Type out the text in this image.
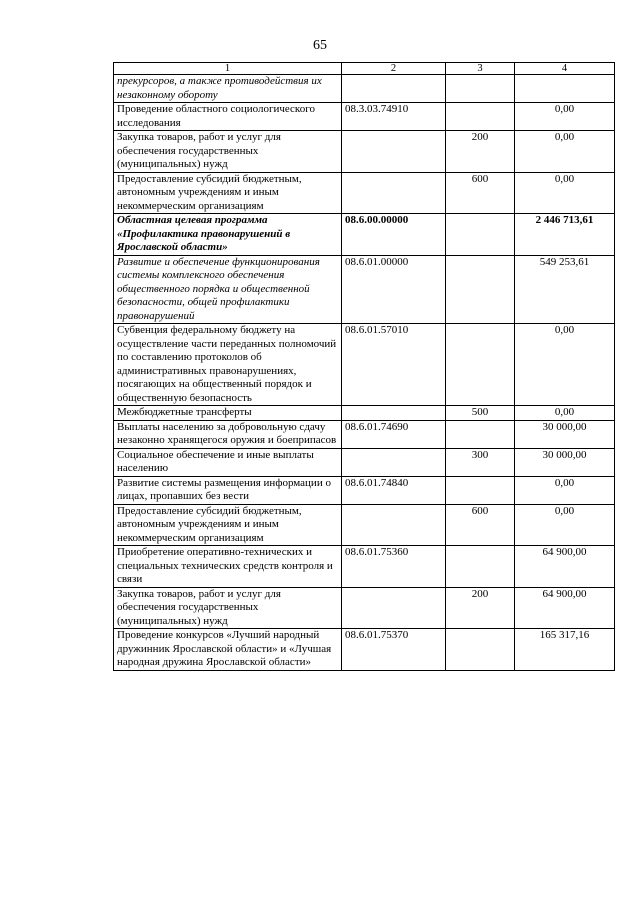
65
1	2	3	4
прекурсоров, а также противодействия их незаконному обороту			
Проведение областного социологического исследования	08.3.03.74910		0,00
Закупка товаров, работ и услуг для обеспечения государственных (муниципальных) нужд		200	0,00
Предоставление субсидий бюджетным, автономным учреждениям и иным некоммерческим организациям		600	0,00
Областная целевая программа «Профилактика правонарушений в Ярославской области»	08.6.00.00000		2 446 713,61
Развитие и обеспечение функционирования системы комплексного обеспечения общественного порядка и общественной безопасности, общей профилактики правонарушений	08.6.01.00000		549 253,61
Субвенция федеральному бюджету на осуществление части переданных полномочий по составлению протоколов об административных правонарушениях, посягающих на общественный порядок и общественную безопасность	08.6.01.57010		0,00
Межбюджетные трансферты		500	0,00
Выплаты населению за добровольную сдачу незаконно хранящегося оружия и боеприпасов	08.6.01.74690		30 000,00
Социальное обеспечение и иные выплаты населению		300	30 000,00
Развитие системы размещения информации о лицах, пропавших без вести	08.6.01.74840		0,00
Предоставление субсидий бюджетным, автономным учреждениям и иным некоммерческим организациям		600	0,00
Приобретение оперативно-технических и специальных технических средств контроля и связи	08.6.01.75360		64 900,00
Закупка товаров, работ и услуг для обеспечения государственных (муниципальных) нужд		200	64 900,00
Проведение конкурсов «Лучший народный дружинник Ярославской области» и «Лучшая народная дружина Ярославской области»	08.6.01.75370		165 317,16
